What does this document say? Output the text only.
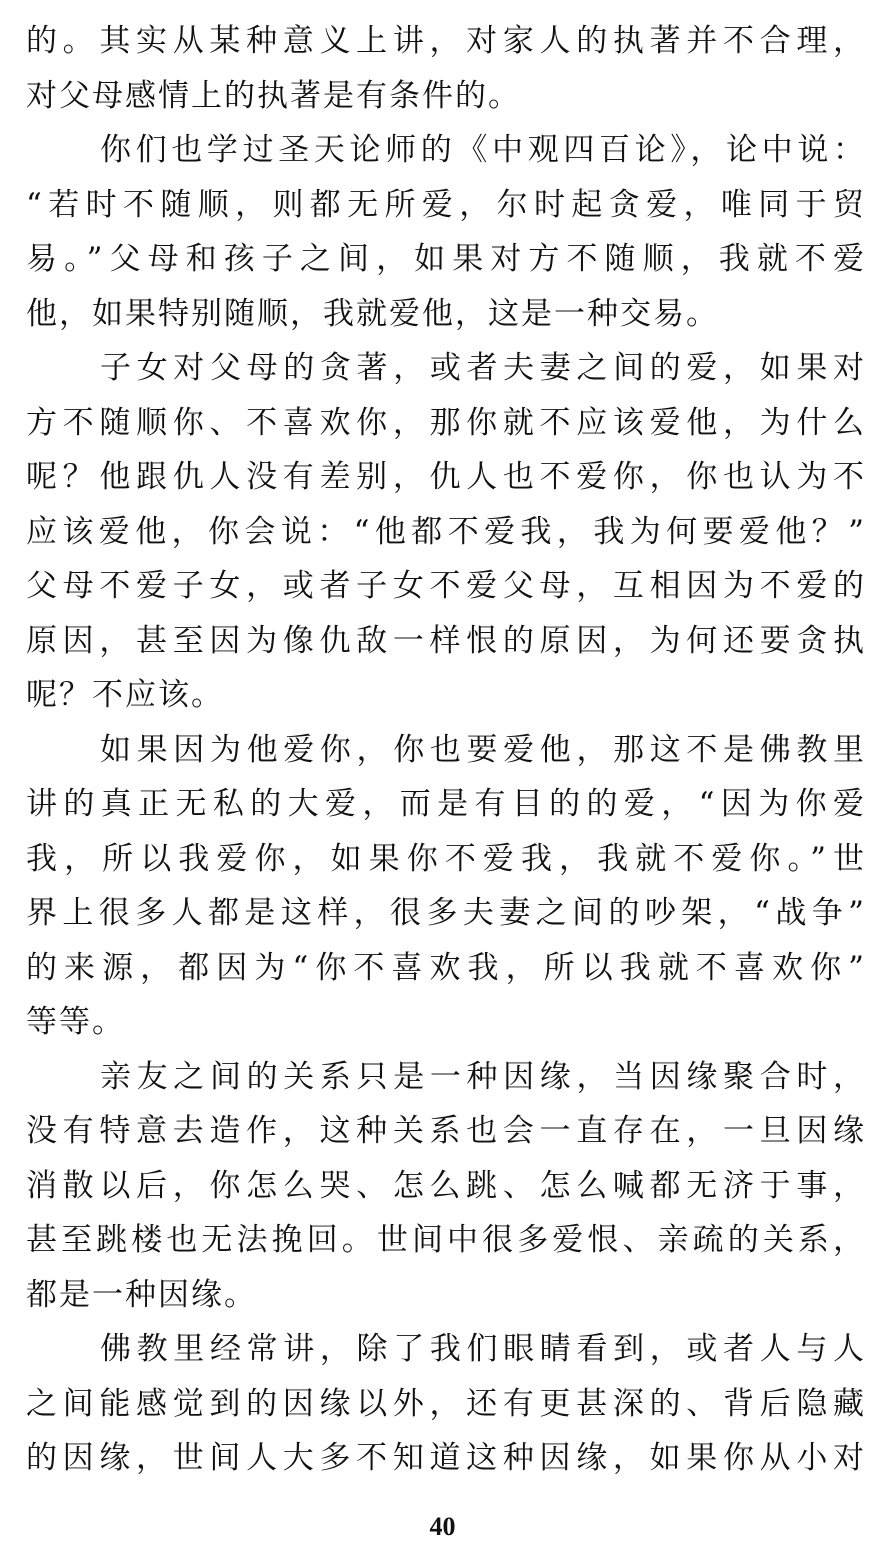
的。其实从某种意义上讲，对家人的执著并不合理，
对父母感情上的执著是有条件的。
你们也学过圣天论师的《中观四百论》，论中说：
“若时不随顺，则都无所爱，尔时起贪爱，唯同于贸
易。”父母和孩子之间，如果对方不随顺，我就不爱
他，如果特别随顺，我就爱他，这是一种交易。
子女对父母的贪著，或者夫妻之间的爱，如果对
方不随顺你、不喜欢你，那你就不应该爱他，为什么
呢？他跟仇人没有差别，仇人也不爱你，你也认为不
应该爱他，你会说：“他都不爱我，我为何要爱他？”
父母不爱子女，或者子女不爱父母，互相因为不爱的
原因，甚至因为像仇敌一样恨的原因，为何还要贪执
呢？不应该。
如果因为他爱你，你也要爱他，那这不是佛教里
讲的真正无私的大爱，而是有目的的爱，“因为你爱
我，所以我爱你，如果你不爱我，我就不爱你。”世
界上很多人都是这样，很多夫妻之间的吵架，“战争”
的来源，都因为“你不喜欢我，所以我就不喜欢你”
等等。
亲友之间的关系只是一种因缘，当因缘聚合时，
没有特意去造作，这种关系也会一直存在，一旦因缘
消散以后，你怎么哭、怎么跳、怎么喊都无济于事，
甚至跳楼也无法挽回。世间中很多爱恨、亲疏的关系，
都是一种因缘。
佛教里经常讲，除了我们眼睛看到，或者人与人
之间能感觉到的因缘以外，还有更甚深的、背后隐藏
的因缘，世间人大多不知道这种因缘，如果你从小对
40
